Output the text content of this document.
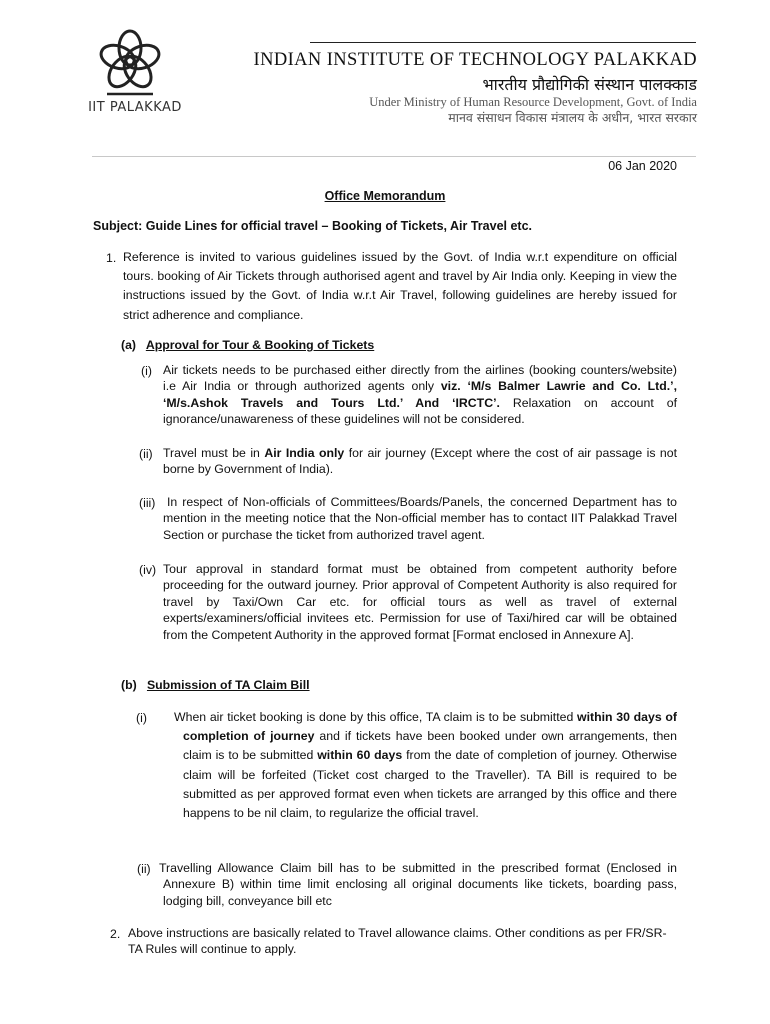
IIT PALAKKAD
INDIAN INSTITUTE OF TECHNOLOGY PALAKKAD
भारतीय प्रौद्योगिकी संस्थान पालक्काड
Under Ministry of Human Resource Development, Govt. of India
मानव संसाधन विकास मंत्रालय के अधीन, भारत सरकार
06 Jan 2020
Office Memorandum
Subject: Guide Lines for official travel – Booking of Tickets, Air Travel etc.
1. Reference is invited to various guidelines issued by the Govt. of India w.r.t expenditure on official tours. booking of Air Tickets through authorised agent and travel by Air India only. Keeping in view the instructions issued by the Govt. of India w.r.t Air Travel, following guidelines are hereby issued for strict adherence and compliance.
(a) Approval for Tour & Booking of Tickets
(i) Air tickets needs to be purchased either directly from the airlines (booking counters/website) i.e Air India or through authorized agents only viz. ‘M/s Balmer Lawrie and Co. Ltd.’, ‘M/s.Ashok Travels and Tours Ltd.’ And ‘IRCTC’. Relaxation on account of ignorance/unawareness of these guidelines will not be considered.
(ii) Travel must be in Air India only for air journey (Except where the cost of air passage is not borne by Government of India).
(iii) In respect of Non-officials of Committees/Boards/Panels, the concerned Department has to mention in the meeting notice that the Non-official member has to contact IIT Palakkad Travel Section or purchase the ticket from authorized travel agent.
(iv) Tour approval in standard format must be obtained from competent authority before proceeding for the outward journey. Prior approval of Competent Authority is also required for travel by Taxi/Own Car etc. for official tours as well as travel of external experts/examiners/official invitees etc. Permission for use of Taxi/hired car will be obtained from the Competent Authority in the approved format [Format enclosed in Annexure A].
(b) Submission of TA Claim Bill
(i) When air ticket booking is done by this office, TA claim is to be submitted within 30 days of completion of journey and if tickets have been booked under own arrangements, then claim is to be submitted within 60 days from the date of completion of journey. Otherwise claim will be forfeited (Ticket cost charged to the Traveller). TA Bill is required to be submitted as per approved format even when tickets are arranged by this office and there happens to be nil claim, to regularize the official travel.
(ii) Travelling Allowance Claim bill has to be submitted in the prescribed format (Enclosed in Annexure B) within time limit enclosing all original documents like tickets, boarding pass, lodging bill, conveyance bill etc
2. Above instructions are basically related to Travel allowance claims. Other conditions as per FR/SR- TA Rules will continue to apply.
